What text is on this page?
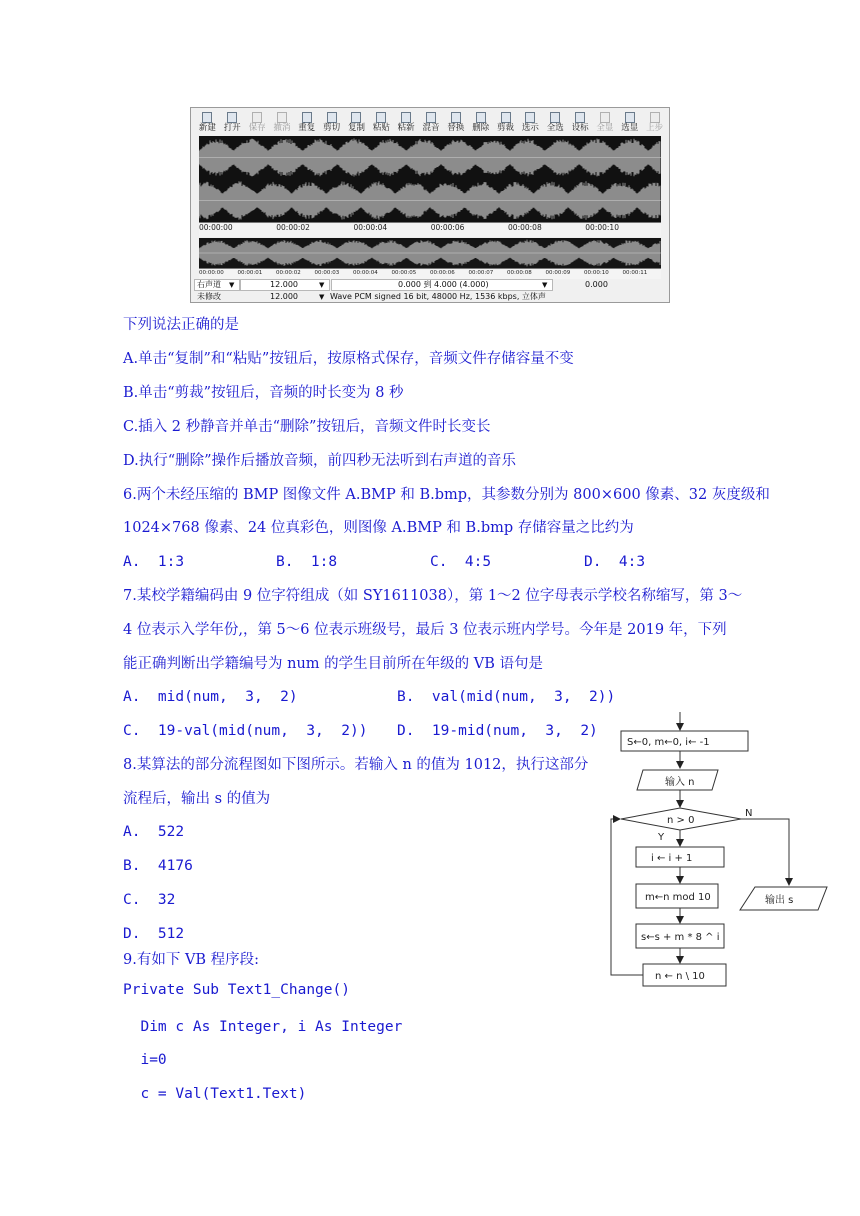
新建 打开 保存 撤消 重复 剪切 复制 粘贴 粘新 混音 替换 删除 剪裁 选示 全选 设标 全显 选显 上步
00:00:00	00:00:02	00:00:04	00:00:06	00:00:08	00:00:10
00:00:00	00:00:01	00:00:02	00:00:03	00:00:04	00:00:05	00:00:06	00:00:07	00:00:08	00:00:09	00:00:10	00:00:11
右声道 ▼	12.000	▼	0.000 到 4.000 (4.000)	▼	0.000
未修改	12.000	▼ Wave PCM signed 16 bit, 48000 Hz, 1536 kbps, 立体声
下列说法正确的是
A.单击“复制”和“粘贴”按钮后，按原格式保存，音频文件存储容量不变
B.单击“剪裁”按钮后，音频的时长变为 8 秒
C.插入 2 秒静音并单击“删除”按钮后，音频文件时长变长
D.执行“删除”操作后播放音频，前四秒无法听到右声道的音乐
6.两个未经压缩的 BMP 图像文件 A.BMP 和 B.bmp，其参数分别为 800×600 像素、32 灰度级和
1024×768 像素、24 位真彩色，则图像 A.BMP 和 B.bmp 存储容量之比约为
A.  1:3	B.  1:8	C.  4:5	D.  4:3
7.某校学籍编码由 9 位字符组成（如 SY1611038），第 1～2 位字母表示学校名称缩写，第 3～
4 位表示入学年份,，第 5～6 位表示班级号，最后 3 位表示班内学号。今年是 2019 年，下列
能正确判断出学籍编号为 num 的学生目前所在年级的 VB 语句是
A.  mid(num,  3,  2)	B.  val(mid(num,  3,  2))
C.  19-val(mid(num,  3,  2)) D.  19-mid(num,  3,  2)
8.某算法的部分流程图如下图所示。若输入 n 的值为 1012，执行这部分
流程后，输出 s 的值为
A.  522
B.  4176
C.  32
D.  512
S←0, m←0, i← -1
输入 n
n > 0
Y
N
i ← i + 1
m←n mod 10
s←s + m * 8 ^ i
n ← n \ 10
输出 s
9.有如下 VB 程序段:
Private Sub Text1_Change()
Dim c As Integer, i As Integer
i=0
c = Val(Text1.Text)
